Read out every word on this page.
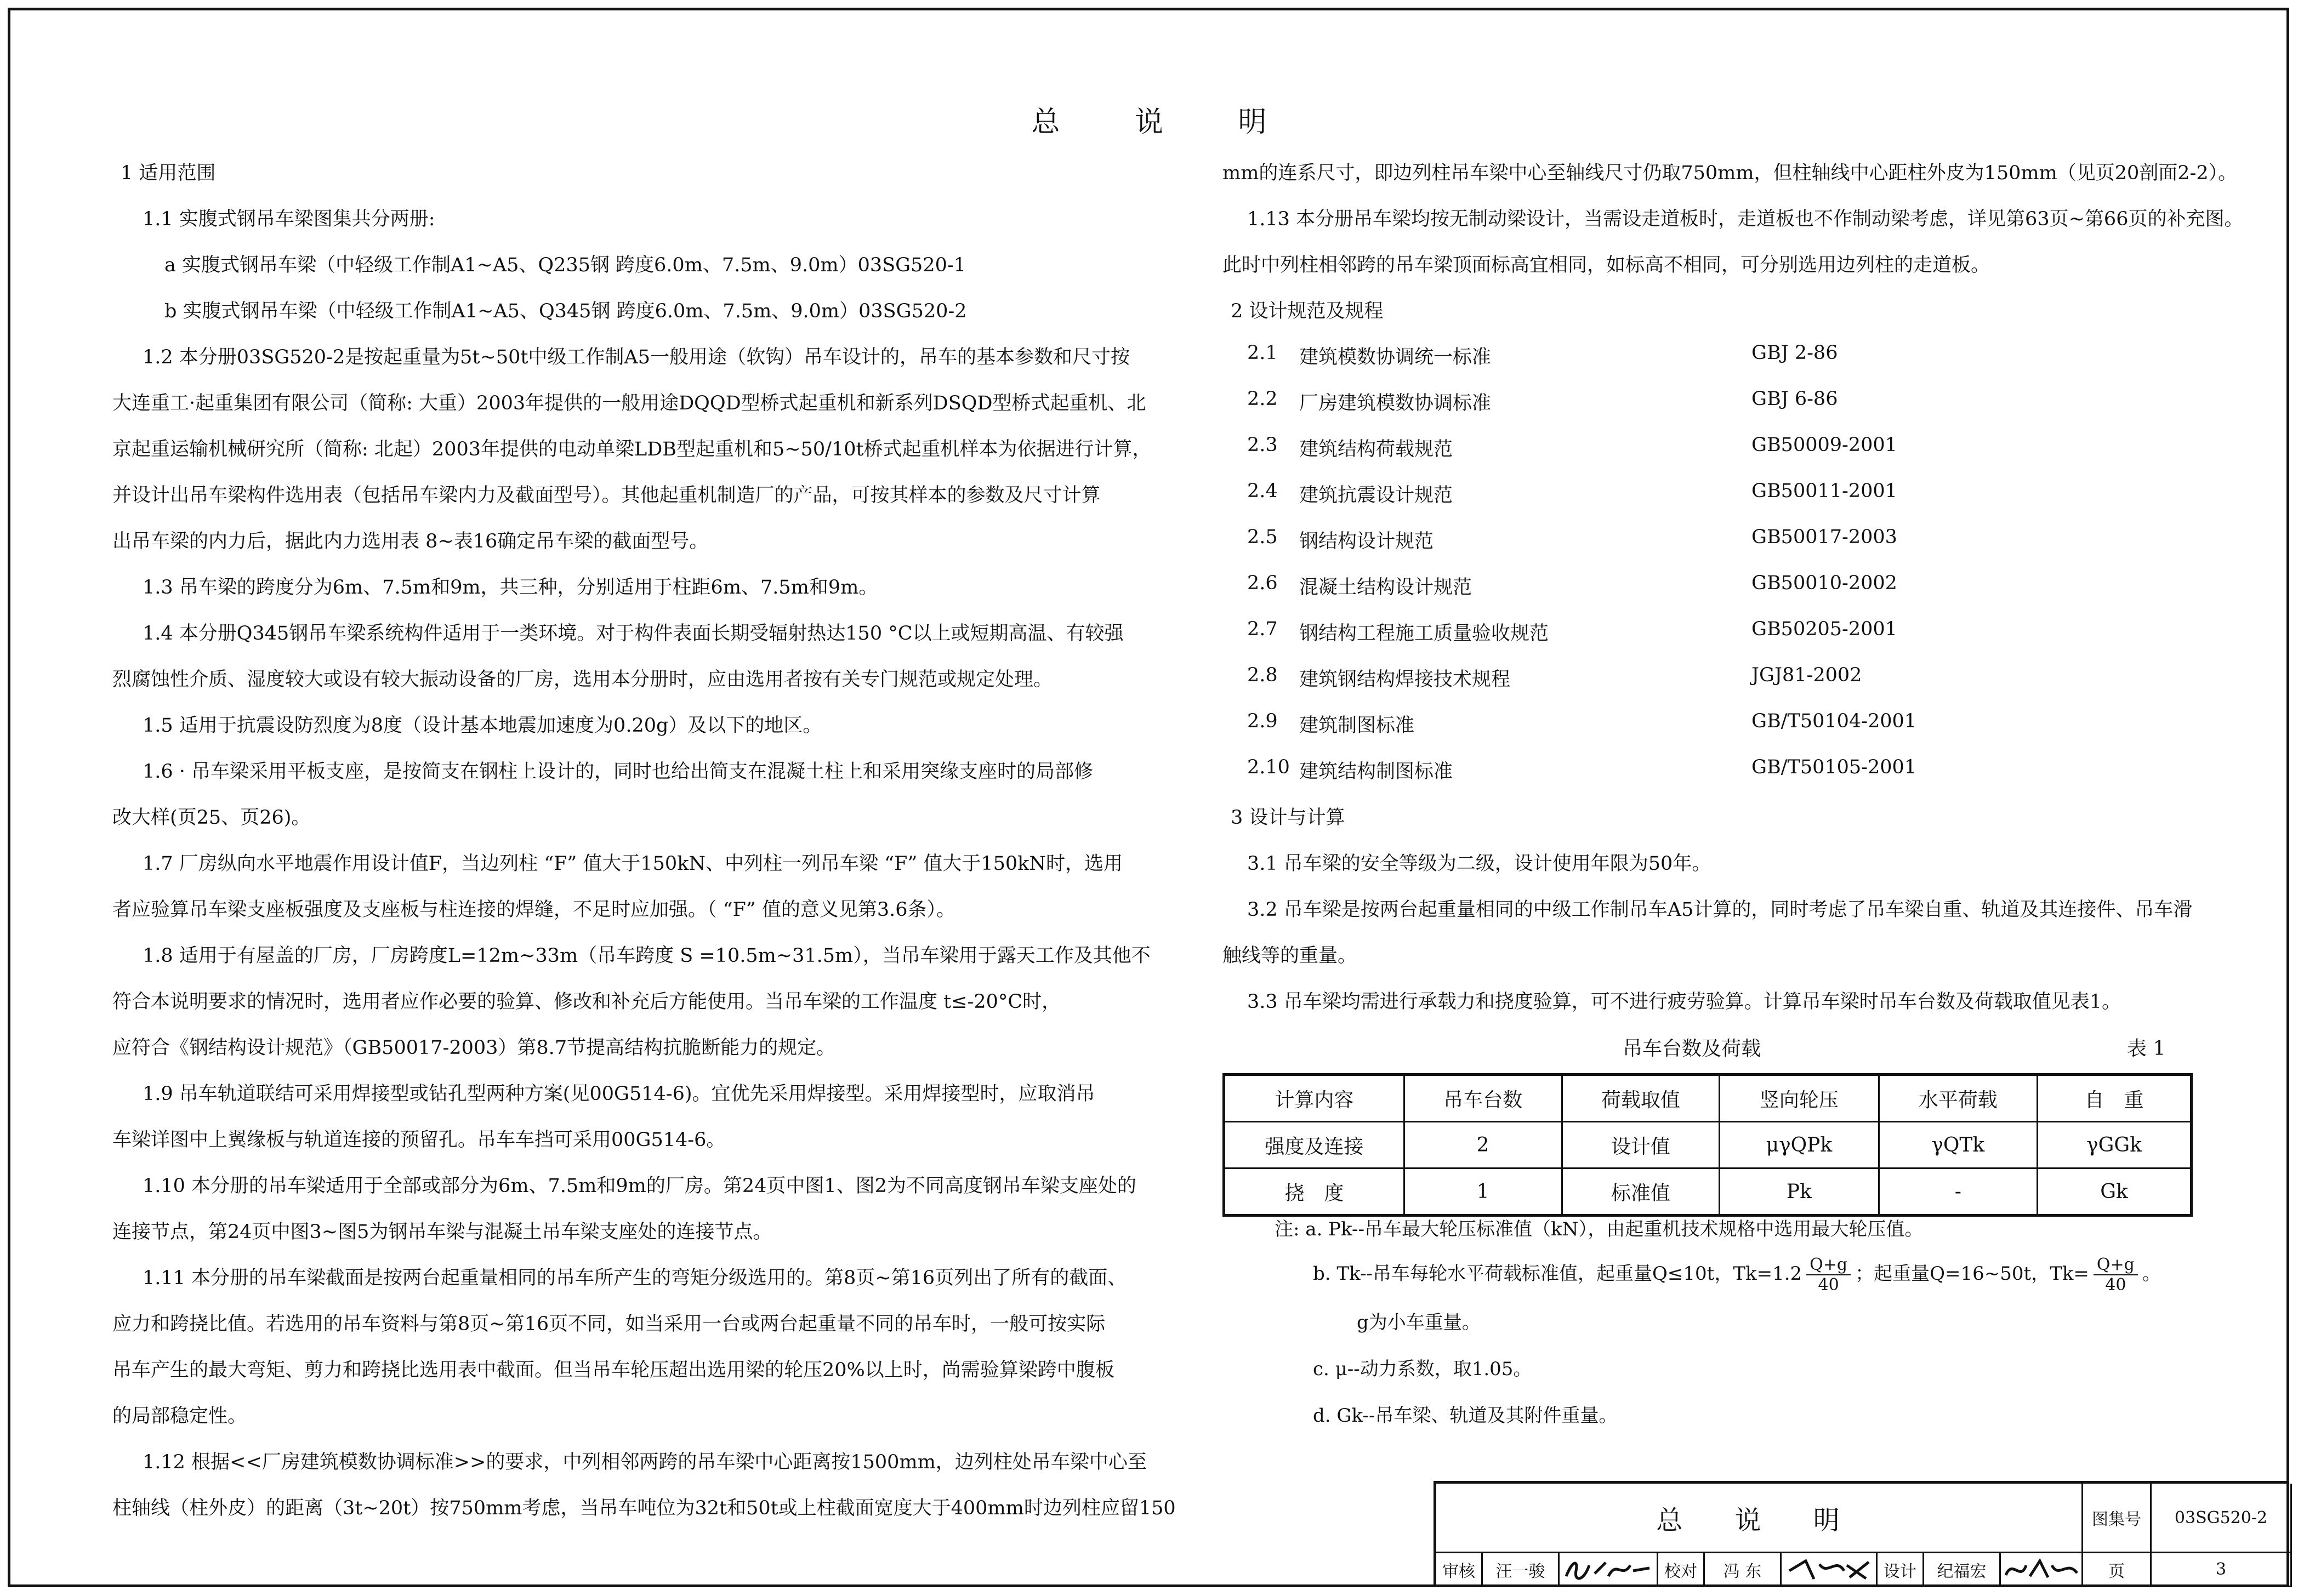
总 说 明

1 适用范围

1.1 实腹式钢吊车梁图集共分两册:

a 实腹式钢吊车梁（中轻级工作制A1~A5、Q235钢 跨度6.0m、7.5m、9.0m）03SG520-1

b 实腹式钢吊车梁（中轻级工作制A1~A5、Q345钢 跨度6.0m、7.5m、9.0m）03SG520-2

1.2 本分册03SG520-2是按起重量为5t~50t中级工作制A5一般用途（软钩）吊车设计的，吊车的基本参数和尺寸按

大连重工·起重集团有限公司（简称: 大重）2003年提供的一般用途DQQD型桥式起重机和新系列DSQD型桥式起重机、北

京起重运输机械研究所（简称: 北起）2003年提供的电动单梁LDB型起重机和5~50/10t桥式起重机样本为依据进行计算，

并设计出吊车梁构件选用表（包括吊车梁内力及截面型号）。其他起重机制造厂的产品，可按其样本的参数及尺寸计算

出吊车梁的内力后，据此内力选用表 8~表16确定吊车梁的截面型号。

1.3 吊车梁的跨度分为6m、7.5m和9m，共三种，分别适用于柱距6m、7.5m和9m。

1.4 本分册Q345钢吊车梁系统构件适用于一类环境。对于构件表面长期受辐射热达150 °C以上或短期高温、有较强

烈腐蚀性介质、湿度较大或设有较大振动设备的厂房，选用本分册时，应由选用者按有关专门规范或规定处理。

1.5 适用于抗震设防烈度为8度（设计基本地震加速度为0.20g）及以下的地区。

1.6 · 吊车梁采用平板支座，是按简支在钢柱上设计的，同时也给出简支在混凝土柱上和采用突缘支座时的局部修

改大样(页25、页26)。

1.7 厂房纵向水平地震作用设计值F，当边列柱 “F” 值大于150kN、中列柱一列吊车梁 “F” 值大于150kN时，选用

者应验算吊车梁支座板强度及支座板与柱连接的焊缝，不足时应加强。（ “F” 值的意义见第3.6条）。

1.8 适用于有屋盖的厂房，厂房跨度L=12m~33m（吊车跨度 S =10.5m~31.5m），当吊车梁用于露天工作及其他不

符合本说明要求的情况时，选用者应作必要的验算、修改和补充后方能使用。当吊车梁的工作温度 t≤-20°C时，

应符合《钢结构设计规范》（GB50017-2003）第8.7节提高结构抗脆断能力的规定。

1.9 吊车轨道联结可采用焊接型或钻孔型两种方案(见00G514-6)。宜优先采用焊接型。采用焊接型时，应取消吊

车梁详图中上翼缘板与轨道连接的预留孔。吊车车挡可采用00G514-6。

1.10 本分册的吊车梁适用于全部或部分为6m、7.5m和9m的厂房。第24页中图1、图2为不同高度钢吊车梁支座处的

连接节点，第24页中图3~图5为钢吊车梁与混凝土吊车梁支座处的连接节点。

1.11 本分册的吊车梁截面是按两台起重量相同的吊车所产生的弯矩分级选用的。第8页~第16页列出了所有的截面、

应力和跨挠比值。若选用的吊车资料与第8页~第16页不同，如当采用一台或两台起重量不同的吊车时，一般可按实际

吊车产生的最大弯矩、剪力和跨挠比选用表中截面。但当吊车轮压超出选用梁的轮压20%以上时，尚需验算梁跨中腹板

的局部稳定性。

1.12 根据<<厂房建筑模数协调标准>>的要求，中列相邻两跨的吊车梁中心距离按1500mm，边列柱处吊车梁中心至

柱轴线（柱外皮）的距离（3t~20t）按750mm考虑，当吊车吨位为32t和50t或上柱截面宽度大于400mm时边列柱应留150

mm的连系尺寸，即边列柱吊车梁中心至轴线尺寸仍取750mm，但柱轴线中心距柱外皮为150mm（见页20剖面2-2）。

1.13 本分册吊车梁均按无制动梁设计，当需设走道板时，走道板也不作制动梁考虑，详见第63页~第66页的补充图。

此时中列柱相邻跨的吊车梁顶面标高宜相同，如标高不相同，可分别选用边列柱的走道板。

2 设计规范及规程

2.1 建筑模数协调统一标准	GBJ 2-86

2.2 厂房建筑模数协调标准	GBJ 6-86

2.3 建筑结构荷载规范	GB50009-2001

2.4 建筑抗震设计规范	GB50011-2001

2.5 钢结构设计规范	GB50017-2003

2.6 混凝土结构设计规范	GB50010-2002

2.7 钢结构工程施工质量验收规范	GB50205-2001

2.8 建筑钢结构焊接技术规程	JGJ81-2002

2.9 建筑制图标准	GB/T50104-2001

2.10 建筑结构制图标准	GB/T50105-2001

3 设计与计算

3.1 吊车梁的安全等级为二级，设计使用年限为50年。

3.2 吊车梁是按两台起重量相同的中级工作制吊车A5计算的，同时考虑了吊车梁自重、轨道及其连接件、吊车滑

触线等的重量。

3.3 吊车梁均需进行承载力和挠度验算，可不进行疲劳验算。计算吊车梁时吊车台数及荷载取值见表1。

吊车台数及荷载	表 1
计算内容	吊车台数	荷载取值	竖向轮压	水平荷载	自　重
强度及连接	2	设计值	μγQPk	γQTk	γGGk
挠　度	1	标准值	Pk	-	Gk
注: a. Pk--吊车最大轮压标准值（kN），由起重机技术规格中选用最大轮压值。
b. Tk--吊车每轮水平荷载标准值，起重量Q≤10t，$Tk=1.2 \frac{Q+g}{40}$ ；起重量Q=16~50t，$Tk= \frac{Q+g}{40}$ 。
g为小车重量。
c. μ--动力系数，取1.05。
d. Gk--吊车梁、轨道及其附件重量。
总 说 明	图集号	03SG520-2
审核	汪一骏	校对	冯 东	设计	纪福宏	页	3
